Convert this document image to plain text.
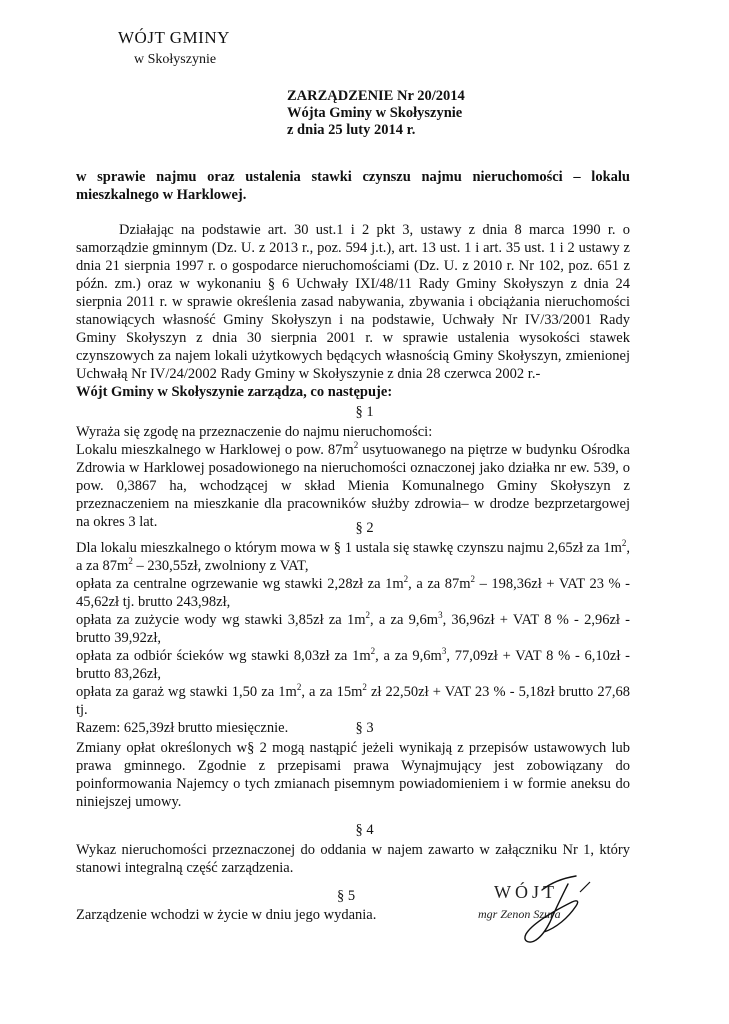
WÓJT GMINY
w Skołyszynie
ZARZĄDZENIE Nr 20/2014
Wójta Gminy w Skołyszynie
z dnia 25 luty 2014 r.
w sprawie najmu oraz ustalenia stawki czynszu najmu nieruchomości – lokalu mieszkalnego w Harklowej.

Działając na podstawie art. 30 ust.1 i 2 pkt 3, ustawy z dnia 8 marca 1990 r. o samorządzie gminnym (Dz. U. z 2013 r., poz. 594 j.t.), art. 13 ust. 1 i art. 35 ust. 1 i 2 ustawy z dnia 21 sierpnia 1997 r. o gospodarce nieruchomościami (Dz. U. z 2010 r. Nr 102, poz. 651 z późn. zm.) oraz w wykonaniu § 6 Uchwały IXI/48/11 Rady Gminy Skołyszyn z dnia 24 sierpnia 2011 r. w sprawie określenia zasad nabywania, zbywania i obciążania nieruchomości stanowiących własność Gminy Skołyszyn i na podstawie, Uchwały Nr IV/33/2001 Rady Gminy Skołyszyn z dnia 30 sierpnia 2001 r. w sprawie ustalenia wysokości stawek czynszowych za najem lokali użytkowych będących własnością Gminy Skołyszyn, zmienionej Uchwałą Nr IV/24/2002 Rady Gminy w Skołyszynie z dnia 28 czerwca 2002 r.-

Wójt Gminy w Skołyszynie zarządza, co następuje:

§ 1

Wyraża się zgodę na przeznaczenie do najmu nieruchomości:

Lokalu mieszkalnego w Harklowej o pow. $87m^2$ usytuowanego na piętrze w budynku Ośrodka Zdrowia w Harklowej posadowionego na nieruchomości oznaczonej jako działka nr ew. 539, o pow. 0,3867 ha, wchodzącej w skład Mienia Komunalnego Gminy Skołyszyn z przeznaczeniem na mieszkanie dla pracowników służby zdrowia– w drodze bezprzetargowej na okres 3 lat.	§ 2

Dla lokalu mieszkalnego o którym mowa w § 1 ustala się stawkę czynszu najmu 2,65zł za $1m^2$, a za $87m^2$ – 230,55zł, zwolniony z VAT,

opłata za centralne ogrzewanie wg stawki 2,28zł za $1m^2$, a za $87m^2$ – 198,36zł + VAT 23 % - 45,62zł tj. brutto 243,98zł,

opłata za zużycie wody wg stawki 3,85zł za $1m^2$, a za $9,6m^3$, 36,96zł + VAT 8 % - 2,96zł - brutto 39,92zł,

opłata za odbiór ścieków wg stawki 8,03zł za $1m^2$, a za $9,6m^3$, 77,09zł + VAT 8 % - 6,10zł - brutto 83,26zł,

opłata za garaż wg stawki 1,50 za $1m^2$, a za $15m^2$ zł 22,50zł + VAT 23 % - 5,18zł brutto 27,68 tj.

Razem: 625,39zł brutto miesięcznie.	§ 3

Zmiany opłat określonych w§ 2 mogą nastąpić jeżeli wynikają z przepisów ustawowych lub prawa gminnego. Zgodnie z przepisami prawa Wynajmujący jest zobowiązany do poinformowania Najemcy o tych zmianach pisemnym powiadomieniem i w formie aneksu do niniejszej umowy.

§ 4

Wykaz nieruchomości przeznaczonej do oddania w najem zawarto w załączniku Nr 1, który stanowi integralną część zarządzenia.

§ 5

Zarządzenie wchodzi w życie w dniu jego wydania.

WÓJT
mgr Zenon Szura
